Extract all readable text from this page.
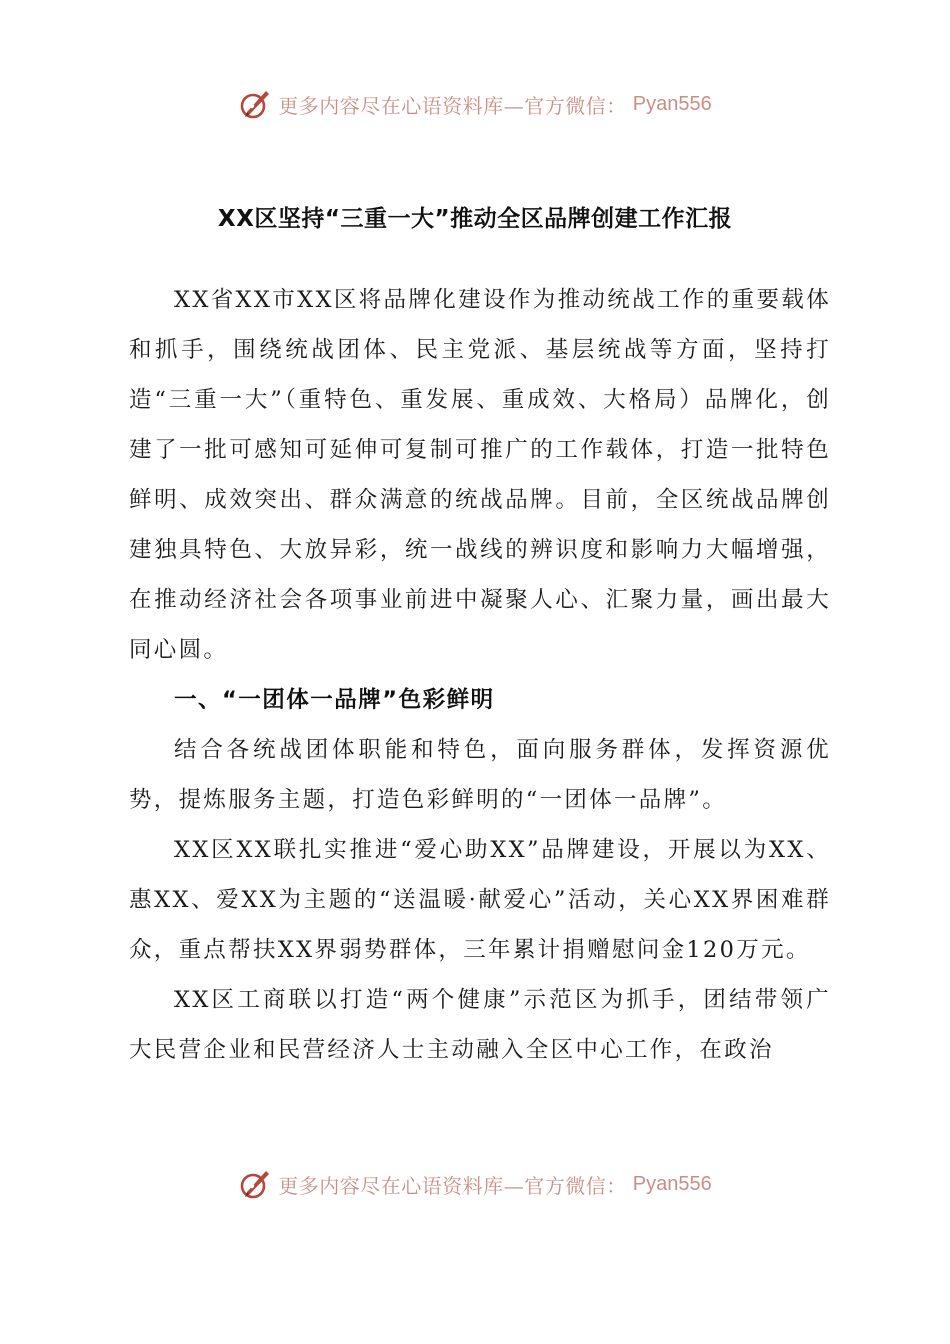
更多内容尽在心语资料库—官方微信： Pyan556
XX区坚持“三重一大”推动全区品牌创建工作汇报

XX省XX市XX区将品牌化建设作为推动统战工作的重要载体和抓手，围绕统战团体、民主党派、基层统战等方面，坚持打造“三重一大”（重特色、重发展、重成效、大格局）品牌化，创建了一批可感知可延伸可复制可推广的工作载体，打造一批特色鲜明、成效突出、群众满意的统战品牌。目前，全区统战品牌创建独具特色、大放异彩，统一战线的辨识度和影响力大幅增强，在推动经济社会各项事业前进中凝聚人心、汇聚力量，画出最大同心圆。

一、“一团体一品牌”色彩鲜明

结合各统战团体职能和特色，面向服务群体，发挥资源优势，提炼服务主题，打造色彩鲜明的“一团体一品牌”。

XX区XX联扎实推进“爱心助XX”品牌建设，开展以为XX、惠XX、爱XX为主题的“送温暖·献爱心”活动，关心XX界困难群众，重点帮扶XX界弱势群体，三年累计捐赠慰问金120万元。

XX区工商联以打造“两个健康”示范区为抓手，团结带领广大民营企业和民营经济人士主动融入全区中心工作，在政治

更多内容尽在心语资料库—官方微信： Pyan556
